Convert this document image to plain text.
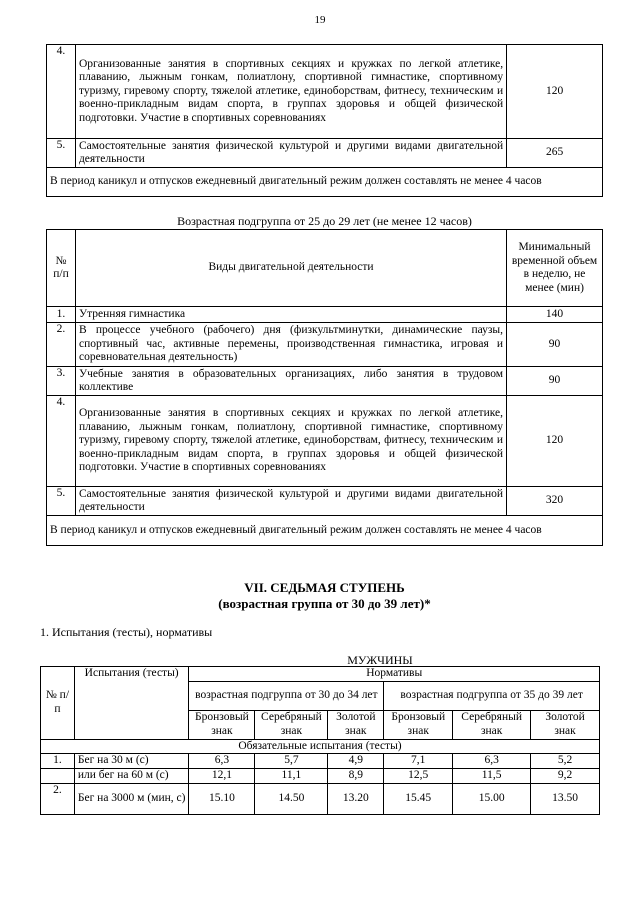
19
4.	Организованные занятия в спортивных секциях и кружках по легкой атлетике, плаванию, лыжным гонкам, полиатлону, спортивной гимнастике, спортивному туризму, гиревому спорту, тяжелой атлетике, единоборствам, фитнесу, техническим и военно-прикладным видам спорта, в группах здоровья и общей физической подготовки. Участие в спортивных соревнованиях	120
5.	Самостоятельные занятия физической культурой и другими видами двигательной деятельности	265
В период каникул и отпусков ежедневный двигательный режим должен составлять не менее 4 часов		
Возрастная подгруппа от 25 до 29 лет (не менее 12 часов)
№ п/п	Виды двигательной деятельности	Минимальный временной объем в неделю, не менее (мин)
1.	Утренняя гимнастика	140
2.	В процессе учебного (рабочего) дня (физкультминутки, динамические паузы, спортивный час, активные перемены, производственная гимнастика, игровая и соревновательная деятельность)	90
3.	Учебные занятия в образовательных организациях, либо занятия в трудовом коллективе	90
4.	Организованные занятия в спортивных секциях и кружках по легкой атлетике, плаванию, лыжным гонкам, полиатлону, спортивной гимнастике, спортивному туризму, гиревому спорту, тяжелой атлетике, единоборствам, фитнесу, техническим и военно-прикладным видам спорта, в группах здоровья и общей физической подготовки. Участие в спортивных соревнованиях	120
5.	Самостоятельные занятия физической культурой и другими видами двигательной деятельности	320
В период каникул и отпусков ежедневный двигательный режим должен составлять не менее 4 часов		
VII. СЕДЬМАЯ СТУПЕНЬ
(возрастная группа от 30 до 39 лет)*
1. Испытания (тесты), нормативы
МУЖЧИНЫ
№ п/п	Испытания (тесты)	Нормативы					
		возрастная подгруппа от 30 до 34 лет			возрастная подгруппа от 35 до 39 лет		
		Бронзовый знак	Серебряный знак	Золотой знак	Бронзовый знак	Серебряный знак	Золотой знак
Обязательные испытания (тесты)							
1.	Бег на 30 м (с)	6,3	5,7	4,9	7,1	6,3	5,2
	или бег на 60 м (с)	12,1	11,1	8,9	12,5	11,5	9,2
2.	Бег на 3000 м (мин, с)	15.10	14.50	13.20	15.45	15.00	13.50
